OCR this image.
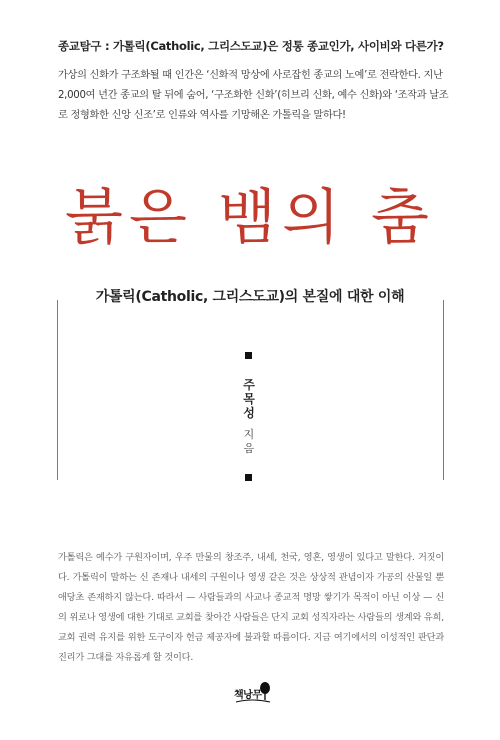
종교탐구 : 가톨릭(Catholic, 그리스도교)은 정통 종교인가, 사이비와 다른가?
가상의 신화가 구조화될 때 인간은 ‘신화적 망상에 사로잡힌 종교의 노예’로 전락한다. 지난 2,000여 년간 종교의 탈 뒤에 숨어, ‘구조화한 신화’(히브리 신화, 예수 신화)와 ‘조작과 날조로 정형화한 신앙 신조’로 인류와 역사를 기망해온 가톨릭을 말하다!
붉은 뱀의 춤
가톨릭(Catholic, 그리스도교)의 본질에 대한 이해
주
목
성
지
음
가톨릭은 예수가 구원자이며, 우주 만물의 창조주, 내세, 천국, 영혼, 영생이 있다고 말한다. 거짓이다. 가톨릭이 말하는 신 존재나 내세의 구원이나 영생 같은 것은 상상적 관념이자 가공의 산물일 뿐 애당초 존재하지 않는다. 따라서 — 사람들과의 사교나 종교적 명망 쌓기가 목적이 아닌 이상 — 신의 위로나 영생에 대한 기대로 교회를 찾아간 사람들은 단지 교회 성직자라는 사람들의 생계와 유희, 교회 권력 유지를 위한 도구이자 헌금 제공자에 불과할 따름이다. 지금 여기에서의 이성적인 판단과 진리가 그대를 자유롭게 할 것이다.
책낭무
